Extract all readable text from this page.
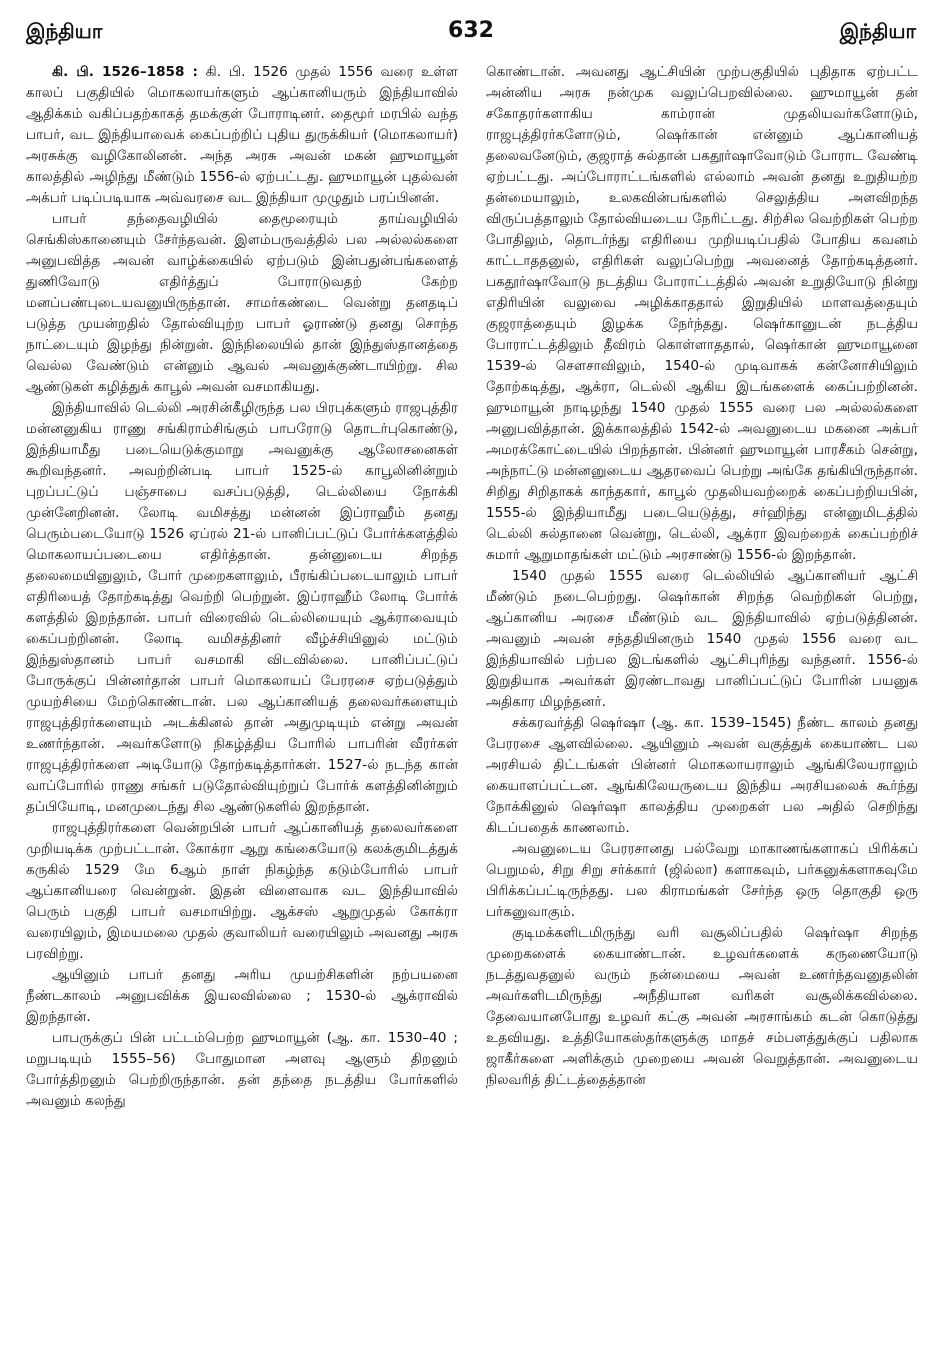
இந்தியா	632	இந்தியா

கி. பி. 1526–1858 : கி. பி. 1526 முதல் 1556 வரை உள்ள காலப் பகுதியில் மொகலாயர்களும் ஆப்கானியரும் இந்தியாவில் ஆதிக்கம் வகிப்பதற்காகத் தமக்குள் போராடினர். தைமூர் மரபில் வந்த பாபர், வட இந்தியாவைக் கைப்பற்றிப் புதிய துருக்கியர் (மொகலாயர்) அரசுக்கு வழிகோலினன். அந்த அரசு அவன் மகன் ஹுமாயூன் காலத்தில் அழிந்து மீண்டும் 1556-ல் ஏற்பட்டது. ஹுமாயூன் புதல்வன் அக்பர் படிப்படியாக அவ்வரசை வட இந்தியா முழுதும் பரப்பினன்.

பாபர் தந்தைவழியில் தைமூரையும் தாய்வழியில் செங்கிஸ்கானையும் சேர்ந்தவன். இளம்பருவத்தில் பல அல்லல்களை அனுபவித்த அவன் வாழ்க்கையில் ஏற்படும் இன்பதுன்பங்களைத் துணிவோடு எதிர்த்துப் போராடுவதற் கேற்ற மனப்பண்புடையவனுயிருந்தான். சாமர்கண்டை வென்று தனதடிப் படுத்த முயன்றதில் தோல்வியுற்ற பாபர் ஓராண்டு தனது சொந்த நாட்டையும் இழந்து நின்றுன். இந்நிலையில் தான் இந்துஸ்தானத்தை வெல்ல வேண்டும் என்னும் ஆவல் அவனுக்குண்டாயிற்று. சில ஆண்டுகள் கழித்துக் காபூல் அவன் வசமாகியது.

இந்தியாவில் டெல்லி அரசின்கீழிருந்த பல பிரபுக்களும் ராஜபுத்திர மன்னனுகிய ராணு சங்கிராம்சிங்கும் பாபரோடு தொடர்புகொண்டு, இந்தியாமீது படையெடுக்குமாறு அவனுக்கு ஆலோசனைகள் கூறிவந்தனர். அவற்றின்படி பாபர் 1525-ல் காபூலினின்றும் புறப்பட்டுப் பஞ்சாபை வசப்படுத்தி, டெல்லியை நோக்கி முன்னேறினன். லோடி வமிசத்து மன்னன் இப்ராஹீம் தனது பெரும்படையோடு 1526 ஏப்ரல் 21-ல் பானிப்பட்டுப் போர்க்களத்தில் மொகலாயப்படையை எதிர்த்தான். தன்னுடைய சிறந்த தலைமையினுலும், போர் முறைகளாலும், பீரங்கிப்படையாலும் பாபர் எதிரியைத் தோற்கடித்து வெற்றி பெற்றுன். இப்ராஹீம் லோடி போர்க் களத்தில் இறந்தான். பாபர் விரைவில் டெல்லியையும் ஆக்ராவையும் கைப்பற்றினன். லோடி வமிசத்தினர் வீழ்ச்சியினுல் மட்டும் இந்துஸ்தானம் பாபர் வசமாகி விடவில்லை. பானிப்பட்டுப் போருக்குப் பின்னர்தான் பாபர் மொகலாயப் பேரரசை ஏற்படுத்தும் முயற்சியை மேற்கொண்டான். பல ஆப்கானியத் தலைவர்களையும் ராஜபுத்திரர்களையும் அடக்கினல் தான் அதுமுடியும் என்று அவன் உணர்ந்தான். அவர்களோடு நிகழ்த்திய போரில் பாபரின் வீரர்கள் ராஜபுத்திரர்களை அடியோடு தோற்கடித்தார்கள். 1527-ல் நடந்த கான் வாப்போரில் ராணு சங்கர் படுதோல்வியுற்றுப் போர்க் களத்தினின்றும் தப்பியோடி, மனமுடைந்து சில ஆண்டுகளில் இறந்தான்.

ராஜபுத்திரர்களை வென்றபின் பாபர் ஆப்கானியத் தலைவர்களை முறியடிக்க முற்பட்டான். கோக்ரா ஆறு கங்கையோடு கலக்குமிடத்துக் கருகில் 1529 மே 6ஆம் நாள் நிகழ்ந்த கடும்போரில் பாபர் ஆப்கானியரை வென்றுன். இதன் விளைவாக வட இந்தியாவில் பெரும் பகுதி பாபர் வசமாயிற்று. ஆக்சஸ் ஆறுமுதல் கோக்ரா வரையிலும், இமயமலை முதல் குவாலியர் வரையிலும் அவனது அரசு பரவிற்று.

ஆயினும் பாபர் தனது அரிய முயற்சிகளின் நற்பயனை நீண்டகாலம் அனுபவிக்க இயலவில்லை ; 1530-ல் ஆக்ராவில் இறந்தான்.

பாபருக்குப் பின் பட்டம்பெற்ற ஹுமாயூன் (ஆ. கா. 1530–40 ; மறுபடியும் 1555–56) போதுமான அளவு ஆளும் திறனும் போர்த்திறனும் பெற்றிருந்தான். தன் தந்தை நடத்திய போர்களில் அவனும் கலந்து

கொண்டான். அவனது ஆட்சியின் முற்பகுதியில் புதிதாக ஏற்பட்ட அன்னிய அரசு நன்முக வலுப்பெறவில்லை. ஹுமாயூன் தன் சகோதரர்களாகிய காம்ரான் முதலியவர்களோடும், ராஜபுத்திரர்களோடும், ஷெர்கான் என்னும் ஆப்கானியத் தலைவனேடும், குஜராத் சுல்தான் பகதூர்ஷாவோடும் போராட வேண்டி ஏற்பட்டது. அப்போராட்டங்களில் எல்லாம் அவன் தனது உறுதியற்ற தன்மையாலும், உலகவின்பங்களில் செலுத்திய அளவிறந்த விருப்பத்தாலும் தோல்வியடைய நேரிட்டது. சிற்சில வெற்றிகள் பெற்ற போதிலும், தொடர்ந்து எதிரியை முறியடிப்பதில் போதிய கவனம் காட்டாததனுல், எதிரிகள் வலுப்பெற்று அவனைத் தோற்கடித்தனர். பகதூர்ஷாவோடு நடத்திய போராட்டத்தில் அவன் உறுதியோடு நின்று எதிரியின் வலுவை அழிக்காததால் இறுதியில் மாளவத்தையும் குஜராத்தையும் இழக்க நேர்ந்தது. ஷெர்கானுடன் நடத்திய போராட்டத்திலும் தீவிரம் கொள்ளாததால், ஷெர்கான் ஹுமாயூனை 1539-ல் சௌசாவிலும், 1540-ல் முடிவாகக் கன்னோசியிலும் தோற்கடித்து, ஆக்ரா, டெல்லி ஆகிய இடங்களைக் கைப்பற்றினன். ஹுமாயூன் நாடிழந்து 1540 முதல் 1555 வரை பல அல்லல்களை அனுபவித்தான். இக்காலத்தில் 1542-ல் அவனுடைய மகனை அக்பர் அமரக்கோட்டையில் பிறந்தான். பின்னர் ஹுமாயூன் பாரசீகம் சென்று, அந்நாட்டு மன்னனுடைய ஆதரவைப் பெற்று அங்கே தங்கியிருந்தான். சிறிது சிறிதாகக் காந்தகார், காபூல் முதலியவற்றைக் கைப்பற்றியபின், 1555-ல் இந்தியாமீது படையெடுத்து, சர்ஹிந்து என்னுமிடத்தில் டெல்லி சுல்தானை வென்று, டெல்லி, ஆக்ரா இவற்றைக் கைப்பற்றிச் சுமார் ஆறுமாதங்கள் மட்டும் அரசாண்டு 1556-ல் இறந்தான்.

1540 முதல் 1555 வரை டெல்லியில் ஆப்கானியர் ஆட்சி மீண்டும் நடைபெற்றது. ஷெர்கான் சிறந்த வெற்றிகள் பெற்று, ஆப்கானிய அரசை மீண்டும் வட இந்தியாவில் ஏற்படுத்தினன். அவனும் அவன் சந்ததியினரும் 1540 முதல் 1556 வரை வட இந்தியாவில் பற்பல இடங்களில் ஆட்சிபுரிந்து வந்தனர். 1556-ல் இறுதியாக அவர்கள் இரண்டாவது பானிப்பட்டுப் போரின் பயனுக அதிகார மிழந்தனர்.

சக்கரவர்த்தி ஷெர்ஷா (ஆ. கா. 1539–1545) நீண்ட காலம் தனது பேரரசை ஆளவில்லை. ஆயினும் அவன் வகுத்துக் கையாண்ட பல அரசியல் திட்டங்கள் பின்னர் மொகலாயராலும் ஆங்கிலேயராலும் கையாளப்பட்டன. ஆங்கிலேயருடைய இந்திய அரசியலைக் கூர்ந்து நோக்கினுல் ஷெர்ஷா காலத்திய முறைகள் பல அதில் செறிந்து கிடப்பதைக் காணலாம்.

அவனுடைய பேரரசானது பல்வேறு மாகாணங்களாகப் பிரிக்கப் பெறுமல், சிறு சிறு சர்க்கார் (ஜில்லா) களாகவும், பர்கனுக்களாகவுமே பிரிக்கப்பட்டிருந்தது. பல கிராமங்கள் சேர்ந்த ஒரு தொகுதி ஒரு பர்கனுவாகும்.

குடிமக்களிடமிருந்து வரி வசூலிப்பதில் ஷெர்ஷா சிறந்த முறைகளைக் கையாண்டான். உழவர்களைக் கருணையோடு நடத்துவதனுல் வரும் நன்மையை அவன் உணர்ந்தவனுதலின் அவர்களிடமிருந்து அநீதியான வரிகள் வசூலிக்கவில்லை. தேவையானபோது உழவர் கட்கு அவன் அரசாங்கம் கடன் கொடுத்து உதவியது. உத்தியோகஸ்தர்களுக்கு மாதச் சம்பளத்துக்குப் பதிலாக ஜாகீர்களை அளிக்கும் முறையை அவன் வெறுத்தான். அவனுடைய நிலவரித் திட்டத்தைத்தான்
